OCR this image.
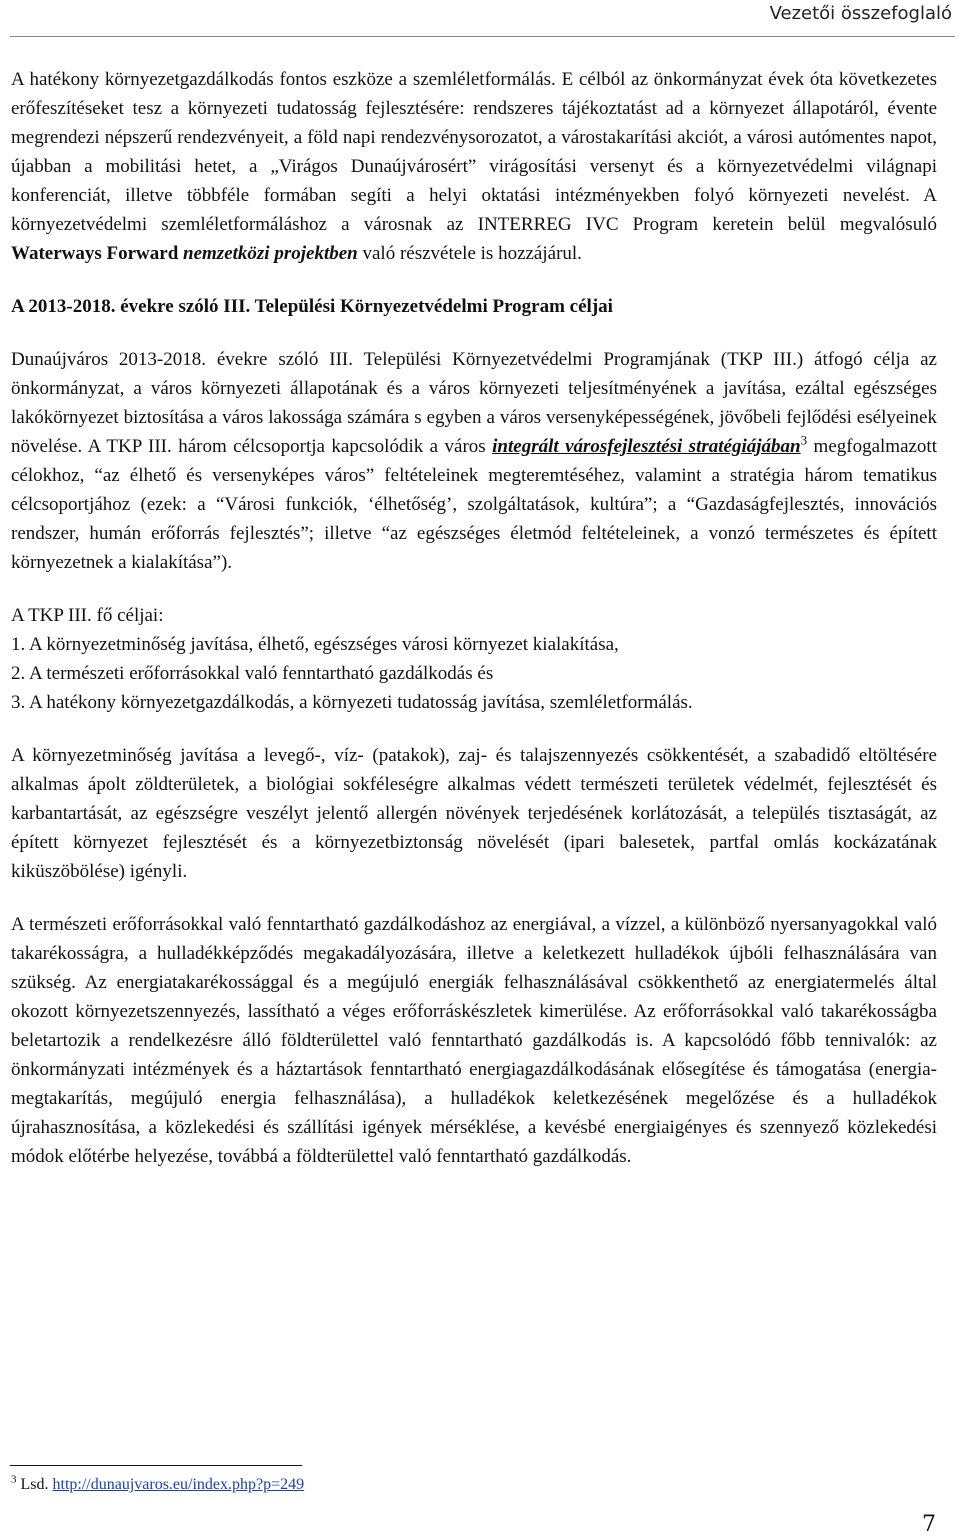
Vezetői összefoglaló

A hatékony környezetgazdálkodás fontos eszköze a szemléletformálás. E célból az önkormányzat évek óta következetes erőfeszítéseket tesz a környezeti tudatosság fejlesztésére: rendszeres tájékoztatást ad a környezet állapotáról, évente megrendezi népszerű rendezvényeit, a föld napi rendezvénysorozatot, a várostakarítási akciót, a városi autómentes napot, újabban a mobilitási hetet, a „Virágos Dunaújvárosért” virágosítási versenyt és a környezetvédelmi világnapi konferenciát, illetve többféle formában segíti a helyi oktatási intézményekben folyó környezeti nevelést. A környezetvédelmi szemléletformáláshoz a városnak az INTERREG IVC Program keretein belül megvalósuló Waterways Forward nemzetközi projektben való részvétele is hozzájárul.

A 2013-2018. évekre szóló III. Települési Környezetvédelmi Program céljai

Dunaújváros 2013-2018. évekre szóló III. Települési Környezetvédelmi Programjának (TKP III.) átfogó célja az önkormányzat, a város környezeti állapotának és a város környezeti teljesítményének a javítása, ezáltal egészséges lakókörnyezet biztosítása a város lakossága számára s egyben a város versenyképességének, jövőbeli fejlődési esélyeinek növelése. A TKP III. három célcsoportja kapcsolódik a város integrált városfejlesztési stratégiájában$^3$ megfogalmazott célokhoz, “az élhető és versenyképes város” feltételeinek megteremtéséhez, valamint a stratégia három tematikus célcsoportjához (ezek: a “Városi funkciók, ‘élhetőség’, szolgáltatások, kultúra”; a “Gazdaságfejlesztés, innovációs rendszer, humán erőforrás fejlesztés”; illetve “az egészséges életmód feltételeinek, a vonzó természetes és épített környezetnek a kialakítása”).

A TKP III. fő céljai:

1. A környezetminőség javítása, élhető, egészséges városi környezet kialakítása,

2. A természeti erőforrásokkal való fenntartható gazdálkodás és

3. A hatékony környezetgazdálkodás, a környezeti tudatosság javítása, szemléletformálás.

A környezetminőség javítása a levegő-, víz- (patakok), zaj- és talajszennyezés csökkentését, a szabadidő eltöltésére alkalmas ápolt zöldterületek, a biológiai sokféleségre alkalmas védett természeti területek védelmét, fejlesztését és karbantartását, az egészségre veszélyt jelentő allergén növények terjedésének korlátozását, a település tisztaságát, az épített környezet fejlesztését és a környezetbiztonság növelését (ipari balesetek, partfal omlás kockázatának kiküszöbölése) igényli.

A természeti erőforrásokkal való fenntartható gazdálkodáshoz az energiával, a vízzel, a különböző nyersanyagokkal való takarékosságra, a hulladékképződés megakadályozására, illetve a keletkezett hulladékok újbóli felhasználására van szükség. Az energiatakarékossággal és a megújuló energiák felhasználásával csökkenthető az energiatermelés által okozott környezetszennyezés, lassítható a véges erőforráskészletek kimerülése. Az erőforrásokkal való takarékosságba beletartozik a rendelkezésre álló földterülettel való fenntartható gazdálkodás is. A kapcsolódó főbb tennivalók: az önkormányzati intézmények és a háztartások fenntartható energiagazdálkodásának elősegítése és támogatása (energia-megtakarítás, megújuló energia felhasználása), a hulladékok keletkezésének megelőzése és a hulladékok újrahasznosítása, a közlekedési és szállítási igények mérséklése, a kevésbé energiaigényes és szennyező közlekedési módok előtérbe helyezése, továbbá a földterülettel való fenntartható gazdálkodás.

$^3$ Lsd. http://dunaujvaros.eu/index.php?p=249
7
